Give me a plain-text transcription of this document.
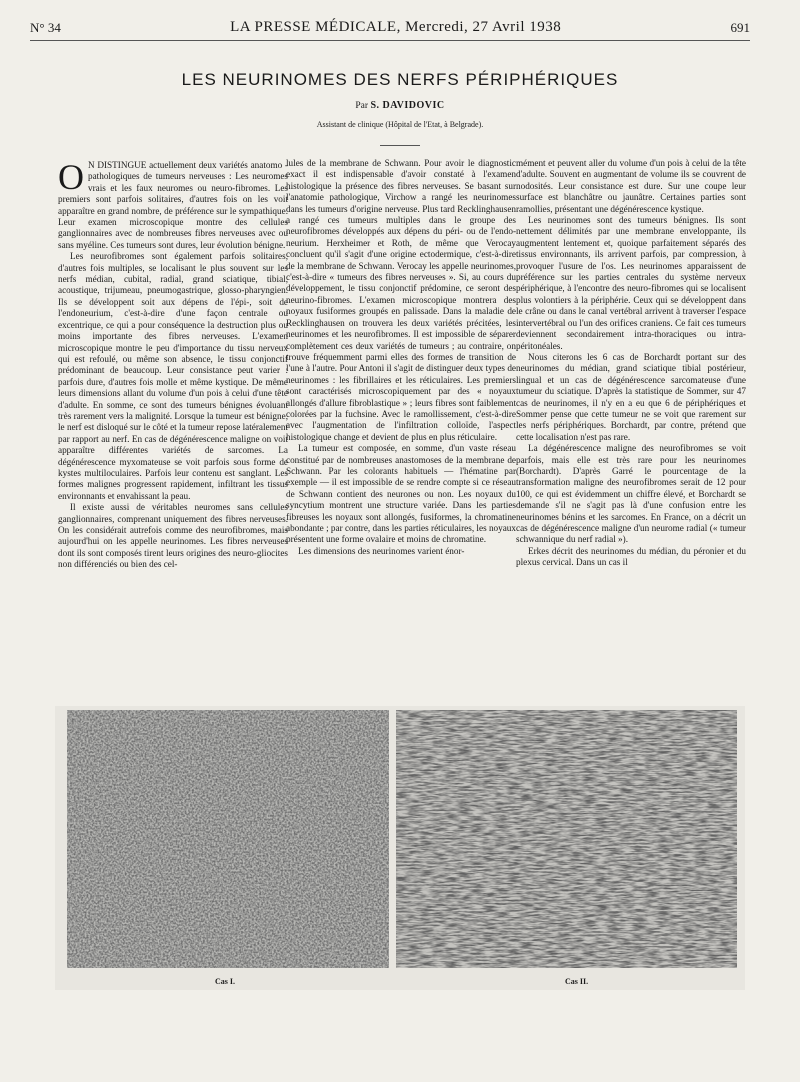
N° 34	LA PRESSE MÉDICALE, Mercredi, 27 Avril 1938	691
LES NEURINOMES DES NERFS PÉRIPHÉRIQUES
Par S. DAVIDOVIC
Assistant de clinique (Hôpital de l'Etat, à Belgrade).
O N DISTINGUE actuellement deux variétés anatomo - pathologiques de tumeurs nerveuses : Les neuromes vrais et les faux neuromes ou neuro-fibromes. Les premiers sont parfois solitaires, d'autres fois on les voit apparaître en grand nombre, de préférence sur le sympathique. Leur examen microscopique montre des cellules ganglionnaires avec de nombreuses fibres nerveuses avec ou sans myéline. Ces tumeurs sont dures, leur évolution bénigne.

Les neurofibromes sont également parfois solitaires, d'autres fois multiples, se localisant le plus souvent sur les nerfs médian, cubital, radial, grand sciatique, tibial, acoustique, trijumeau, pneumogastrique, glosso-pharyngien. Ils se développent soit aux dépens de l'épi-, soit de l'endoneurium, c'est-à-dire d'une façon centrale ou excentrique, ce qui a pour conséquence la destruction plus ou moins importante des fibres nerveuses. L'examen microscopique montre le peu d'importance du tissu nerveux qui est refoulé, ou même son absence, le tissu conjonctif prédominant de beaucoup. Leur consistance peut varier : parfois dure, d'autres fois molle et même kystique. De même leurs dimensions allant du volume d'un pois à celui d'une tête d'adulte. En somme, ce sont des tumeurs bénignes évoluant très rarement vers la malignité. Lorsque la tumeur est bénigne, le nerf est disloqué sur le côté et la tumeur repose latéralement par rapport au nerf. En cas de dégénérescence maligne on voit apparaître différentes variétés de sarcomes. La dégénérescence myxomateuse se voit parfois sous forme de kystes multiloculaires. Parfois leur contenu est sanglant. Les formes malignes progressent rapidement, infiltrant les tissus environnants et envahissant la peau.

Il existe aussi de véritables neuromes sans cellules ganglionnaires, comprenant uniquement des fibres nerveuses. On les considérait autrefois comme des neurofibromes, mais aujourd'hui on les appelle neurinomes. Les fibres nerveuses dont ils sont composés tirent leurs origines des neuro-gliocites non différenciés ou bien des cel-

lules de la membrane de Schwann. Pour avoir le diagnostic exact il est indispensable d'avoir constaté à l'examen histologique la présence des fibres nerveuses. Se basant sur l'anatomie pathologique, Virchow a rangé les neurinomes dans les tumeurs d'origine nerveuse. Plus tard Recklinghausen a rangé ces tumeurs multiples dans le groupe des neurofibromes développés aux dépens du péri- ou de l'endo-neurium. Herxheimer et Roth, de même que Verocay concluent qu'il s'agit d'une origine ectodermique, c'est-à-dire de la membrane de Schwann. Verocay les appelle neurinomes, c'est-à-dire « tumeurs des fibres nerveuses ». Si, au cours du développement, le tissu conjonctif prédomine, ce seront des neurino-fibromes. L'examen microscopique montrera des noyaux fusiformes groupés en palissade. Dans la maladie de Recklinghausen on trouvera les deux variétés précitées, les neurinomes et les neurofibromes. Il est impossible de séparer complètement ces deux variétés de tumeurs ; au contraire, on trouve fréquemment parmi elles des formes de transition de l'une à l'autre. Pour Antoni il s'agit de distinguer deux types de neurinomes : les fibrillaires et les réticulaires. Les premiers sont caractérisés microscopiquement par des « noyaux allongés d'allure fibroblastique » ; leurs fibres sont faiblement colorées par la fuchsine. Avec le ramollissement, c'est-à-dire avec l'augmentation de l'infiltration colloïde, l'aspect histologique change et devient de plus en plus réticulaire.

La tumeur est composée, en somme, d'un vaste réseau constitué par de nombreuses anastomoses de la membrane de Schwann. Par les colorants habituels — l'hématine par exemple — il est impossible de se rendre compte si ce réseau de Schwann contient des neurones ou non. Les noyaux du syncytium montrent une structure variée. Dans les parties fibreuses les noyaux sont allongés, fusiformes, la chromatine abondante ; par contre, dans les parties réticulaires, les noyaux présentent une forme ovalaire et moins de chromatine.

Les dimensions des neurinomes varient énor-

mément et peuvent aller du volume d'un pois à celui de la tête d'adulte. Souvent en augmentant de volume ils se couvrent de nodosités. Leur consistance est dure. Sur une coupe leur surface est blanchâtre ou jaunâtre. Certaines parties sont ramollies, présentant une dégénérescence kystique.

Les neurinomes sont des tumeurs bénignes. Ils sont nettement délimités par une membrane enveloppante, ils augmentent lentement et, quoique parfaitement séparés des tissus environnants, ils arrivent parfois, par compression, à provoquer l'usure de l'os. Les neurinomes apparaissent de préférence sur les parties centrales du système nerveux périphérique, à l'encontre des neuro-fibromes qui se localisent plus volontiers à la périphérie. Ceux qui se développent dans le crâne ou dans le canal vertébral arrivent à traverser l'espace intervertébral ou l'un des orifices craniens. Ce fait ces tumeurs deviennent secondairement intra-thoraciques ou intra-péritonéales.

Nous citerons les 6 cas de Borchardt portant sur des neurinomes du médian, grand sciatique tibial postérieur, lingual et un cas de dégénérescence sarcomateuse d'une tumeur du sciatique. D'après la statistique de Sommer, sur 47 cas de neurinomes, il n'y en a eu que 6 de périphériques et Sommer pense que cette tumeur ne se voit que rarement sur les nerfs périphériques. Borchardt, par contre, prétend que cette localisation n'est pas rare.

La dégénérescence maligne des neurofibromes se voit parfois, mais elle est très rare pour les neurinomes (Borchardt). D'après Garré le pourcentage de la transformation maligne des neurofibromes serait de 12 pour 100, ce qui est évidemment un chiffre élevé, et Borchardt se demande s'il ne s'agit pas là d'une confusion entre les neurinomes bénins et les sarcomes. En France, on a décrit un cas de dégénérescence maligne d'un neurome radial (« tumeur schwannique du nerf radial »).

Erkes décrit des neurinomes du médian, du péronier et du plexus cervical. Dans un cas il

Cas I.	Cas II.
